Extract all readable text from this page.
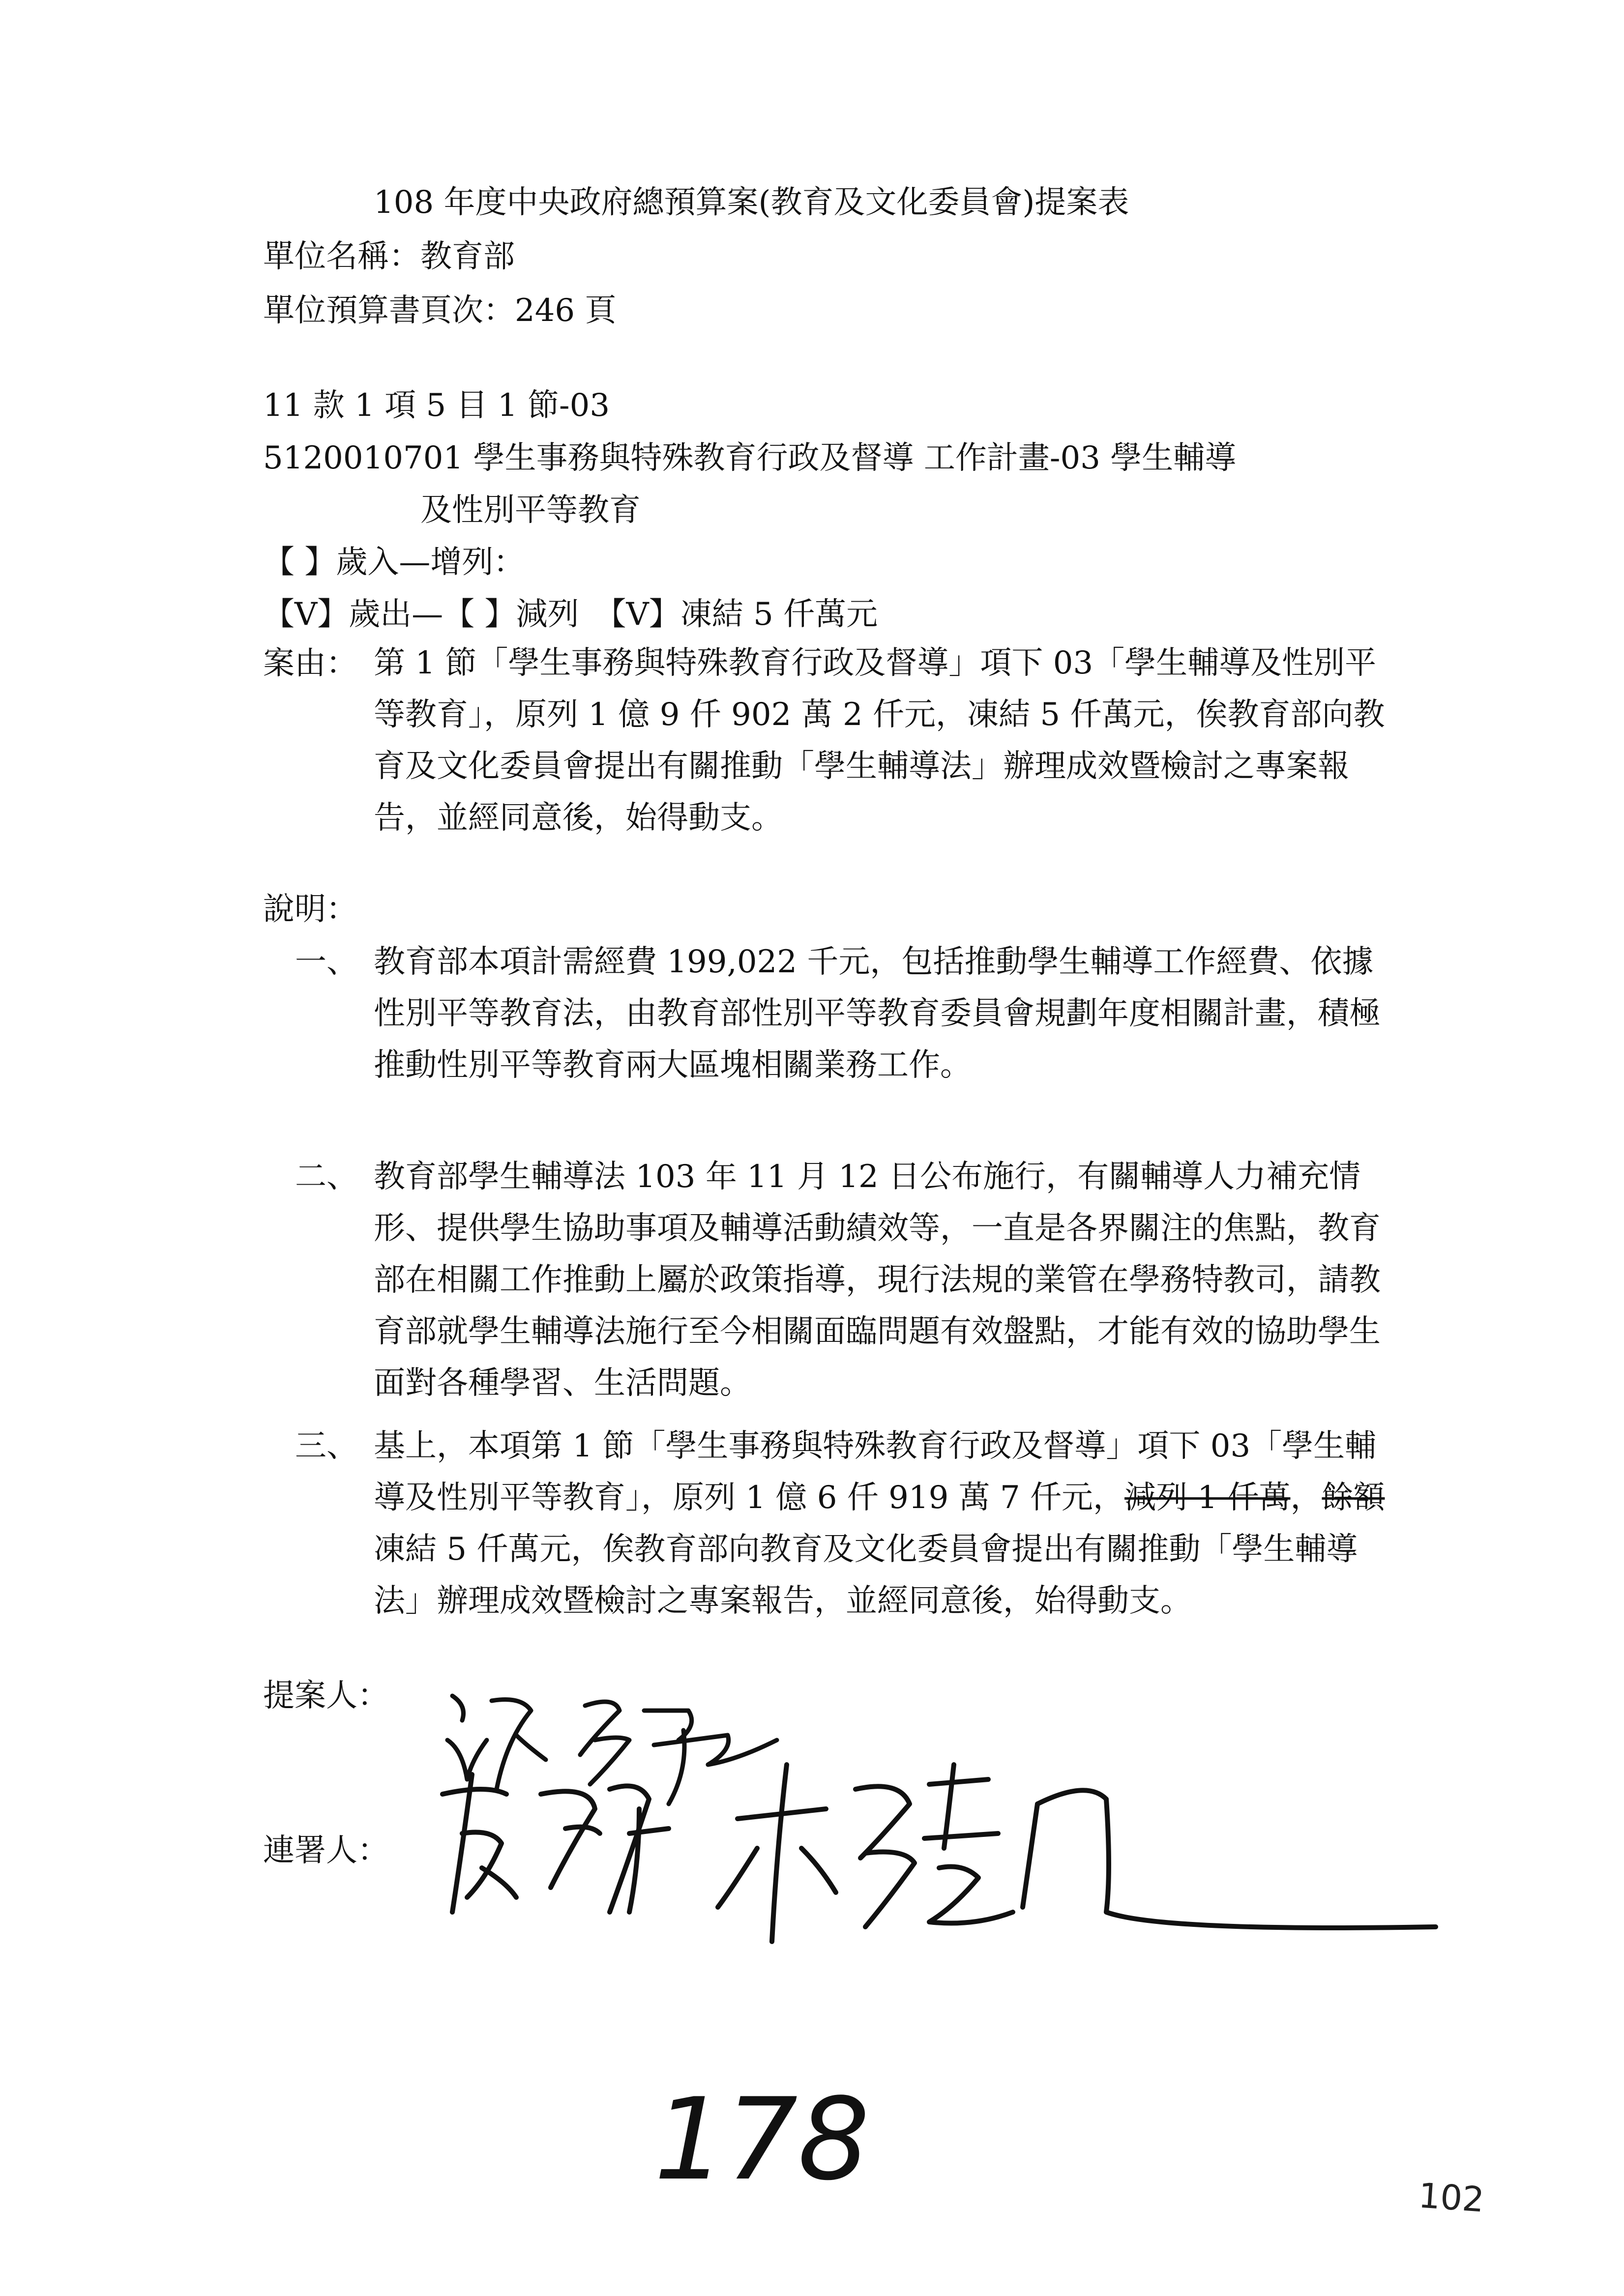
108 年度中央政府總預算案(教育及文化委員會)提案表
單位名稱：教育部
單位預算書頁次：246 頁
11 款 1 項 5 目 1 節-03
5120010701 學生事務與特殊教育行政及督導 工作計畫-03 學生輔導
及性別平等教育
【 】歲入—增列：
【V】歲出—【 】減列　【V】凍結 5 仟萬元
案由： 第 1 節「學生事務與特殊教育行政及督導」項下 03「學生輔導及性別平等教育」，原列 1 億 9 仟 902 萬 2 仟元，凍結 5 仟萬元，俟教育部向教育及文化委員會提出有關推動「學生輔導法」辦理成效暨檢討之專案報告，並經同意後，始得動支。
說明：
一、 教育部本項計需經費 199,022 千元，包括推動學生輔導工作經費、依據性別平等教育法，由教育部性別平等教育委員會規劃年度相關計畫，積極推動性別平等教育兩大區塊相關業務工作。
二、 教育部學生輔導法 103 年 11 月 12 日公布施行，有關輔導人力補充情形、提供學生協助事項及輔導活動績效等，一直是各界關注的焦點，教育部在相關工作推動上屬於政策指導，現行法規的業管在學務特教司，請教育部就學生輔導法施行至今相關面臨問題有效盤點，才能有效的協助學生面對各種學習、生活問題。
三、 基上，本項第 1 節「學生事務與特殊教育行政及督導」項下 03「學生輔導及性別平等教育」，原列 1 億 6 仟 919 萬 7 仟元，減列 1 仟萬，餘額凍結 5 仟萬元，俟教育部向教育及文化委員會提出有關推動「學生輔導法」辦理成效暨檢討之專案報告，並經同意後，始得動支。
提案人：
連署人：
178	102
